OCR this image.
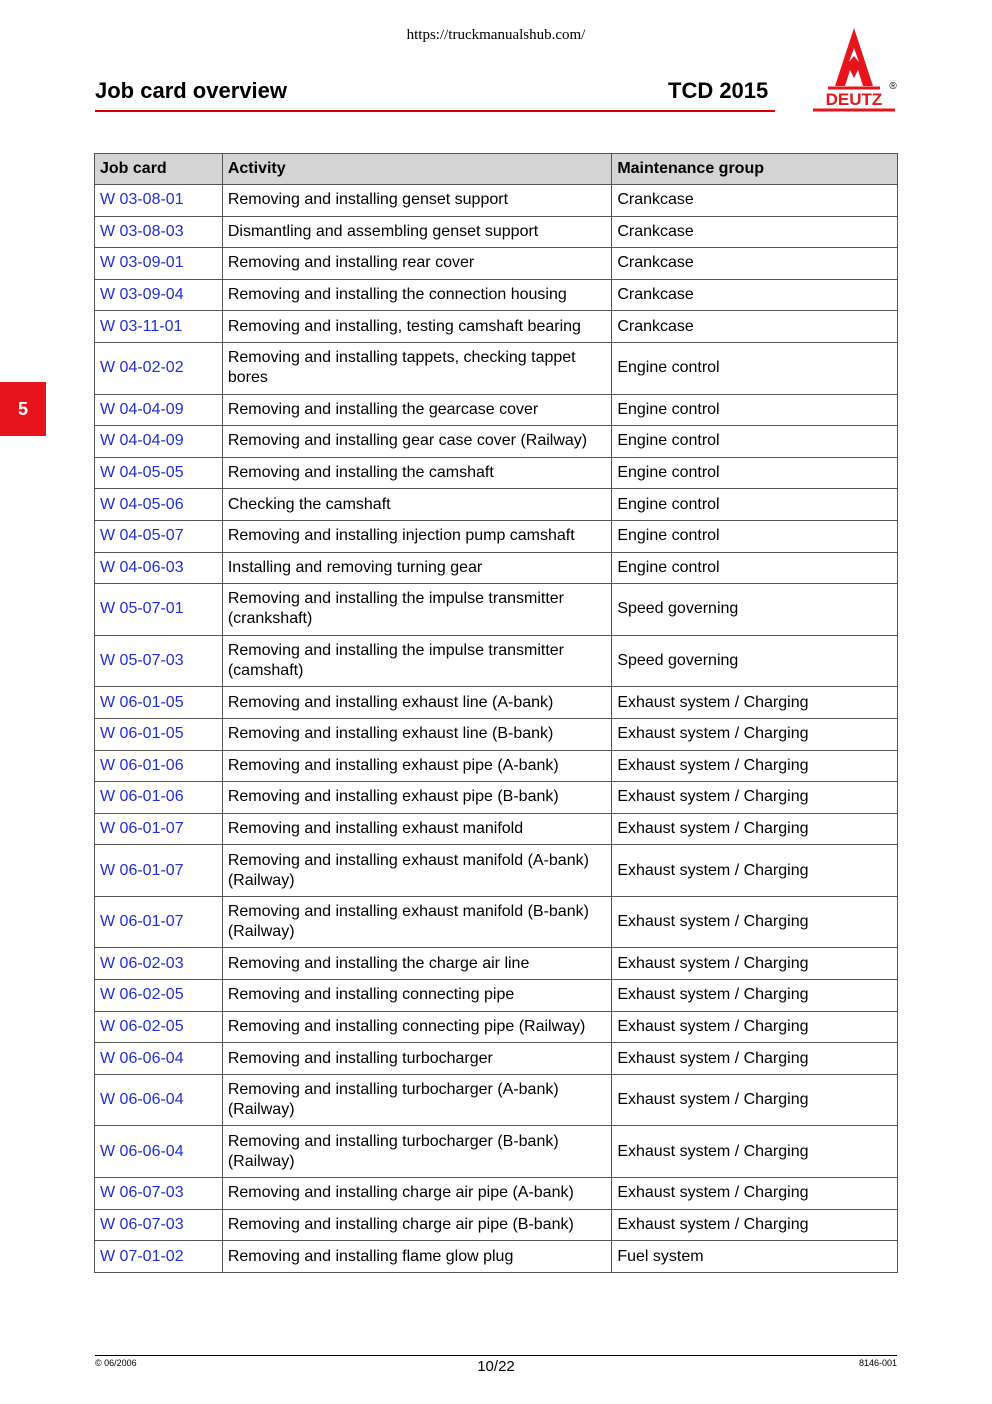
https://truckmanualshub.com/
Job card overview	TCD 2015	DEUTZ
®
5
Job card	Activity	Maintenance group
W 03-08-01	Removing and installing genset support	Crankcase
W 03-08-03	Dismantling and assembling genset support	Crankcase
W 03-09-01	Removing and installing rear cover	Crankcase
W 03-09-04	Removing and installing the connection housing	Crankcase
W 03-11-01	Removing and installing, testing camshaft bearing	Crankcase
W 04-02-02	Removing and installing tappets, checking tappet bores	Engine control
W 04-04-09	Removing and installing the gearcase cover	Engine control
W 04-04-09	Removing and installing gear case cover (Railway)	Engine control
W 04-05-05	Removing and installing the camshaft	Engine control
W 04-05-06	Checking the camshaft	Engine control
W 04-05-07	Removing and installing injection pump camshaft	Engine control
W 04-06-03	Installing and removing turning gear	Engine control
W 05-07-01	Removing and installing the impulse transmitter (crankshaft)	Speed governing
W 05-07-03	Removing and installing the impulse transmitter (camshaft)	Speed governing
W 06-01-05	Removing and installing exhaust line (A-bank)	Exhaust system / Charging
W 06-01-05	Removing and installing exhaust line (B-bank)	Exhaust system / Charging
W 06-01-06	Removing and installing exhaust pipe (A-bank)	Exhaust system / Charging
W 06-01-06	Removing and installing exhaust pipe (B-bank)	Exhaust system / Charging
W 06-01-07	Removing and installing exhaust manifold	Exhaust system / Charging
W 06-01-07	Removing and installing exhaust manifold (A-bank) (Railway)	Exhaust system / Charging
W 06-01-07	Removing and installing exhaust manifold (B-bank) (Railway)	Exhaust system / Charging
W 06-02-03	Removing and installing the charge air line	Exhaust system / Charging
W 06-02-05	Removing and installing connecting pipe	Exhaust system / Charging
W 06-02-05	Removing and installing connecting pipe (Railway)	Exhaust system / Charging
W 06-06-04	Removing and installing turbocharger	Exhaust system / Charging
W 06-06-04	Removing and installing turbocharger (A-bank) (Railway)	Exhaust system / Charging
W 06-06-04	Removing and installing turbocharger (B-bank) (Railway)	Exhaust system / Charging
W 06-07-03	Removing and installing charge air pipe (A-bank)	Exhaust system / Charging
W 06-07-03	Removing and installing charge air pipe (B-bank)	Exhaust system / Charging
W 07-01-02	Removing and installing flame glow plug	Fuel system
© 06/2006	10/22	8146-001
